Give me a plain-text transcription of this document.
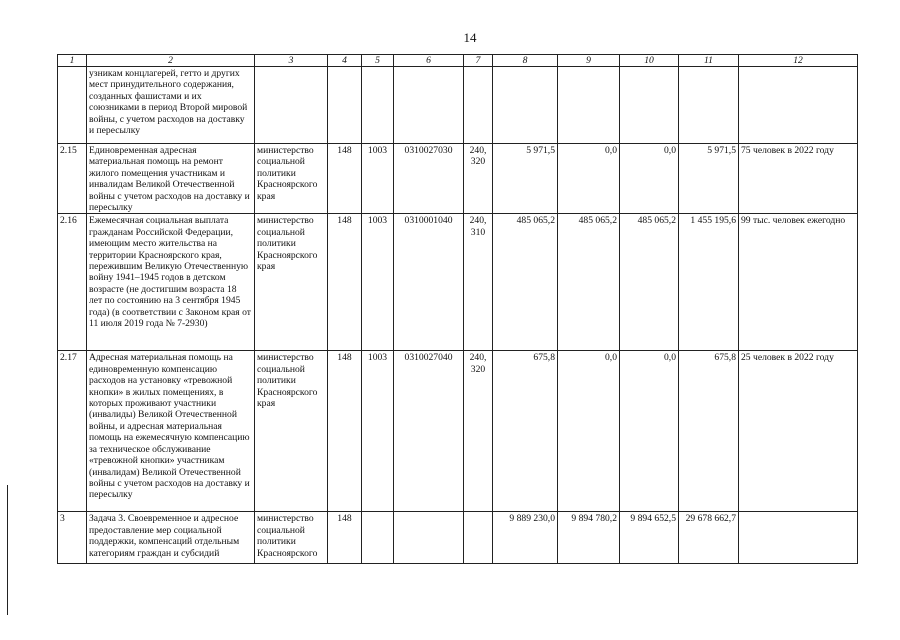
14
1	2	3	4	5	6	7	8	9	10	11	12
	узникам концлагерей, гетто и других мест принудительного содержания, созданных фашистами и их союзниками в период Второй мировой войны, с учетом расходов на доставку и пересылку										
2.15	Единовременная адресная материальная помощь на ремонт жилого помещения участникам и инвалидам Великой Отечественной войны с учетом расходов на доставку и пересылку	министерство социальной политики Красноярского края	148	1003	0310027030	240, 320	5 971,5	0,0	0,0	5 971,5	75 человек в 2022 году
2.16	Ежемесячная социальная выплата гражданам Российской Федерации, имеющим место жительства на территории Красноярского края, пережившим Великую Отечественную войну 1941–1945 годов в детском возрасте (не достигшим возраста 18 лет по состоянию на 3 сентября 1945 года) (в соответствии с Законом края от 11 июля 2019 года № 7-2930)	министерство социальной политики Красноярского края	148	1003	0310001040	240, 310	485 065,2	485 065,2	485 065,2	1 455 195,6	99 тыс. человек ежегодно
2.17	Адресная материальная помощь на единовременную компенсацию расходов на установку «тревожной кнопки» в жилых помещениях, в которых проживают участники (инвалиды) Великой Отечественной войны, и адресная материальная помощь на ежемесячную компенсацию за техническое обслуживание «тревожной кнопки» участникам (инвалидам) Великой Отечественной войны с учетом расходов на доставку и пересылку	министерство социальной политики Красноярского края	148	1003	0310027040	240, 320	675,8	0,0	0,0	675,8	25 человек в 2022 году
3	Задача 3. Своевременное и адресное предоставление мер социальной поддержки, компенсаций отдельным категориям граждан и субсидий	министерство социальной политики Красноярского	148				9 889 230,0	9 894 780,2	9 894 652,5	29 678 662,7	
